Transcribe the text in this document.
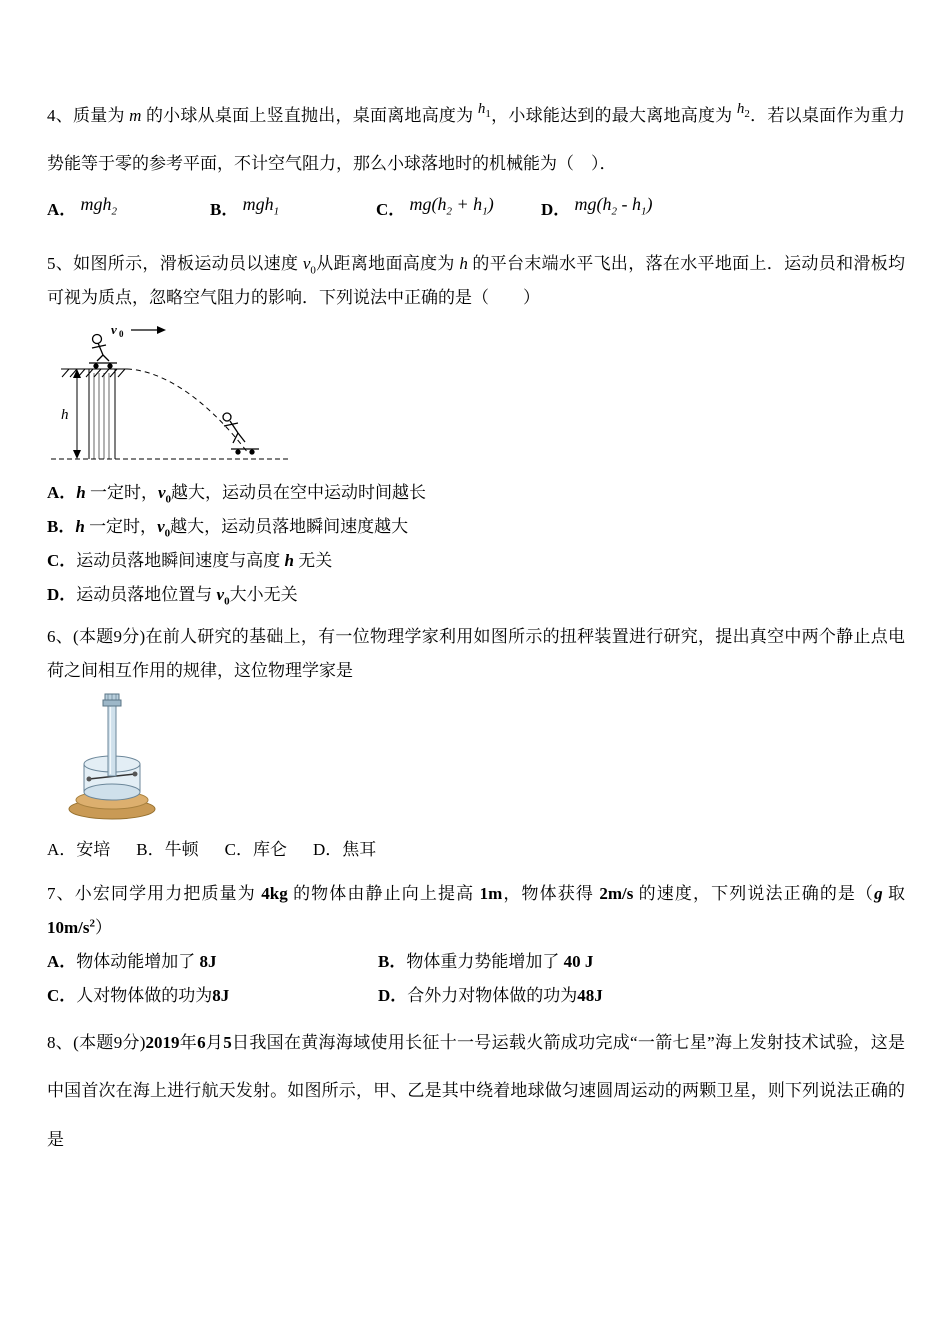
4、质量为 m 的小球从桌面上竖直抛出，桌面离地高度为 $h_1$，小球能达到的最大离地高度为 $h_2$．若以桌面作为重力势能等于零的参考平面，不计空气阻力，那么小球落地时的机械能为（　）．

A． mgh$_2$	B． mgh$_1$	C． $mg(h_2 + h_1)$	D． $mg(h_2 - h_1)$

5、如图所示，滑板运动员以速度 $v_0$从距离地面高度为 h 的平台末端水平飞出，落在水平地面上．运动员和滑板均可视为质点，忽略空气阻力的影响．下列说法中正确的是（　　）

h
v 0
A．h 一定时，$v_0$越大，运动员在空中运动时间越长
B．h 一定时，$v_0$越大，运动员落地瞬间速度越大
C．运动员落地瞬间速度与高度 h 无关
D．运动员落地位置与 $v_0$大小无关

6、(本题9分)在前人研究的基础上，有一位物理学家利用如图所示的扭秤装置进行研究，提出真空中两个静止点电荷之间相互作用的规律，这位物理学家是

A．安培 B．牛顿 C．库仑 D．焦耳

7、小宏同学用力把质量为 4kg 的物体由静止向上提高 1m，物体获得 2m/s 的速度，下列说法正确的是（g 取 $10m/s^2$）

A．物体动能增加了 8J	B．物体重力势能增加了 40 J
C．人对物体做的功为8J	D．合外力对物体做的功为48J

8、(本题9分)2019年6月5日我国在黄海海域使用长征十一号运载火箭成功完成“一箭七星”海上发射技术试验，这是中国首次在海上进行航天发射。如图所示，甲、乙是其中绕着地球做匀速圆周运动的两颗卫星，则下列说法正确的是
